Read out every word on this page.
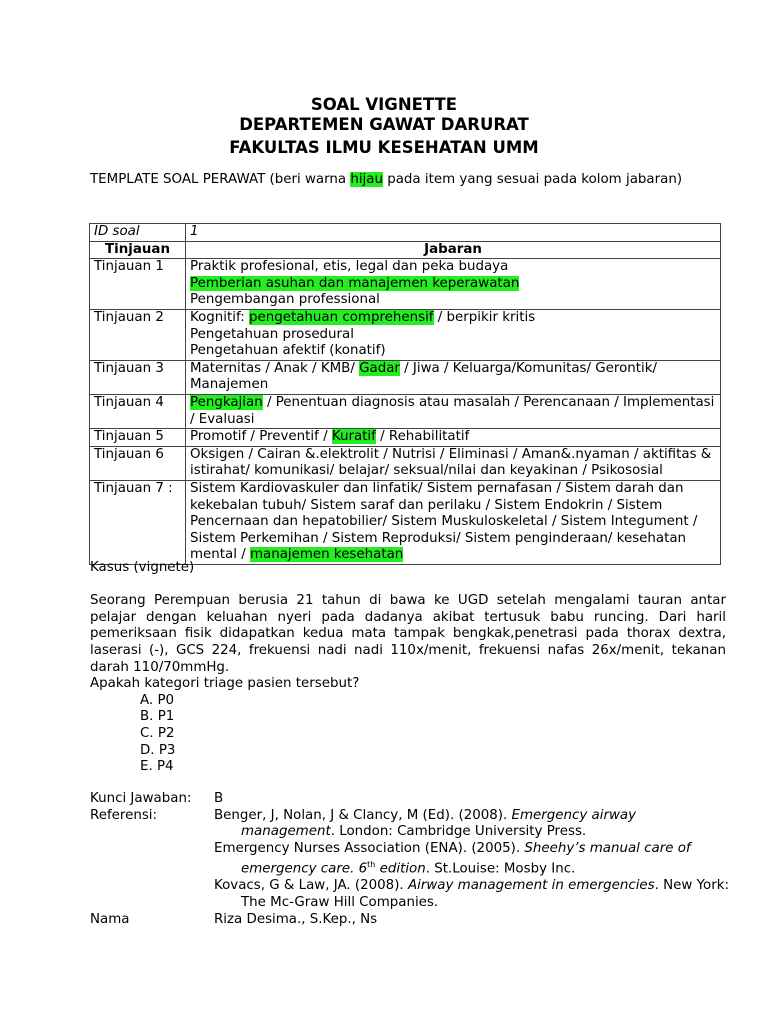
SOAL VIGNETTE
DEPARTEMEN GAWAT DARURAT
FAKULTAS ILMU KESEHATAN UMM
TEMPLATE SOAL PERAWAT (beri warna hijau pada item yang sesuai pada kolom jabaran)
ID soal	1
Tinjauan	Jabaran
Tinjauan 1	Praktik profesional, etis, legal dan peka budaya
Pemberian asuhan dan manajemen keperawatan
Pengembangan professional

Tinjauan 2	Kognitif: pengetahuan comprehensif / berpikir kritis
Pengetahuan prosedural
Pengetahuan afektif (konatif)

Tinjauan 3	Maternitas / Anak / KMB/ Gadar / Jiwa / Keluarga/Komunitas/ Gerontik/ Manajemen
Tinjauan 4	Pengkajian / Penentuan diagnosis atau masalah / Perencanaan / Implementasi / Evaluasi
Tinjauan 5	Promotif / Preventif / Kuratif / Rehabilitatif
Tinjauan 6	Oksigen / Cairan &.elektrolit / Nutrisi / Eliminasi / Aman&.nyaman / aktifitas & istirahat/ komunikasi/ belajar/ seksual/nilai dan keyakinan / Psikososial
Tinjauan 7 :	Sistem Kardiovaskuler dan linfatik/ Sistem pernafasan / Sistem darah dan kekebalan tubuh/ Sistem saraf dan perilaku / Sistem Endokrin / Sistem Pencernaan dan hepatobilier/ Sistem Muskuloskeletal / Sistem Integument / Sistem Perkemihan / Sistem Reproduksi/ Sistem penginderaan/ kesehatan mental / manajemen kesehatan

Kasus (vignete)

Seorang Perempuan berusia 21 tahun di bawa ke UGD setelah mengalami tauran antar pelajar dengan keluahan nyeri pada dadanya akibat tertusuk babu runcing. Dari haril pemeriksaan fisik didapatkan kedua mata tampak bengkak,penetrasi pada thorax dextra, laserasi (-), GCS 224, frekuensi nadi nadi 110x/menit, frekuensi nafas 26x/menit, tekanan darah 110/70mmHg.

Apakah kategori triage pasien tersebut?

A. P0
B. P1
C. P2
D. P3
E. P4
Kunci Jawaban: B
Referensi:	Benger, J, Nolan, J & Clancy, M (Ed). (2008). Emergency airway management. London: Cambridge University Press.
Emergency Nurses Association (ENA). (2005). Sheehy’s manual care of emergency care. 6th edition. St.Louise: Mosby Inc.
Kovacs, G & Law, JA. (2008). Airway management in emergencies. New York: The Mc-Graw Hill Companies.
Nama	Riza Desima., S.Kep., Ns
